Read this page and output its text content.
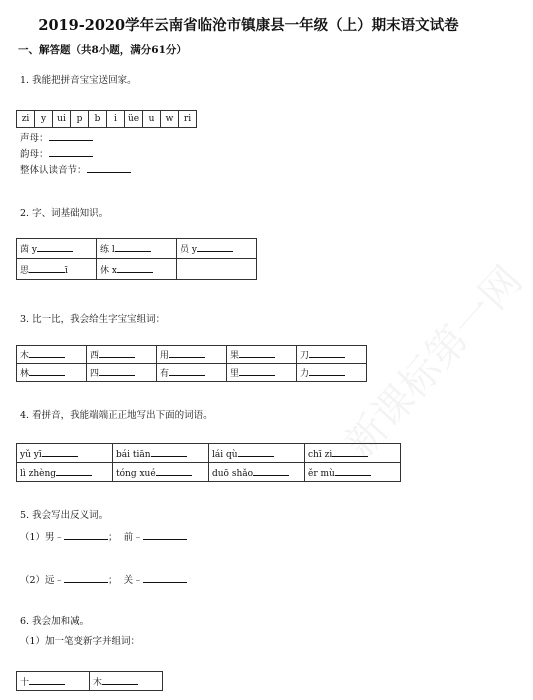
2019-2020学年云南省临沧市镇康县一年级（上）期末语文试卷
一、解答题（共8小题，满分61分）
1. 我能把拼音宝宝送回家。
zi	y	ui	p	b	i	üe	u	w	ri
声母：
韵母：
整体认读音节：
2. 字、词基础知识。
茵 y	练 l	员 y
思 ī	休 x	
3. 比一比，我会给生字宝宝组词：
木	西	用	果	刀
林	四	有	里	力
4. 看拼音，我能端端正正地写出下面的词语。
yǔ yī	bái tiān	lái qù	chī zi
lì zhèng	tóng xué	duō shǎo	ěr mù
5. 我会写出反义词。
（1）男﹣	；  前﹣
（2）远﹣	；  关﹣
6. 我会加和减。
（1）加一笔变新字并组词：
十	木
新课标第一网
